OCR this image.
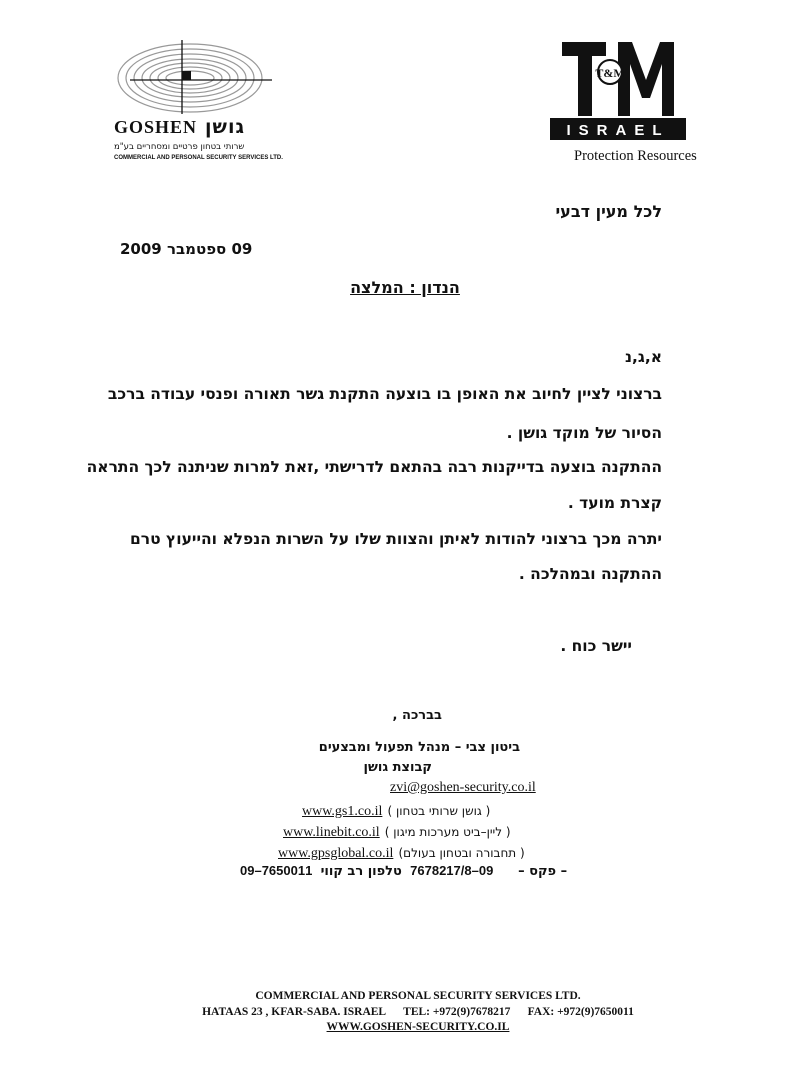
GOSHEN גושן
שרותי בטחון פרטיים ומסחריים בע"מ
COMMERCIAL AND PERSONAL SECURITY SERVICES LTD.
T&M
ISRAEL
Protection Resources
לכל מעין דבעי
09 ספטמבר 2009
הנדון : המלצה
א,ג,נ
ברצוני לציין לחיוב את האופן בו בוצעה התקנת גשר תאורה ופנסי עבודה ברכב
הסיור של מוקד גושן .
ההתקנה בוצעה בדייקנות רבה בהתאם לדרישתי ,זאת למרות שניתנה לכך התראה
קצרת מועד .
יתרה מכך ברצוני להודות לאיתן והצוות שלו על השרות הנפלא והייעוץ טרם
ההתקנה ובמהלכה .
יישר כוח .
בברכה ,
ביטון צבי – מנהל תפעול ומבצעים
קבוצת גושן
zvi@goshen-security.co.il
www.gs1.co.il ( גושן שרותי בטחון )
www.linebit.co.il ( ליין–ביט מערכות מיגון )
www.gpsglobal.co.il (תחבורה ובטחון בעולם )
09–7650011	פקס –      09–7678217/8  טלפון רב קווי –
COMMERCIAL AND PERSONAL SECURITY SERVICES LTD.
HATAAS 23 , KFAR-SABA. ISRAEL TEL: +972(9)7678217 FAX: +972(9)7650011
WWW.GOSHEN-SECURITY.CO.IL
